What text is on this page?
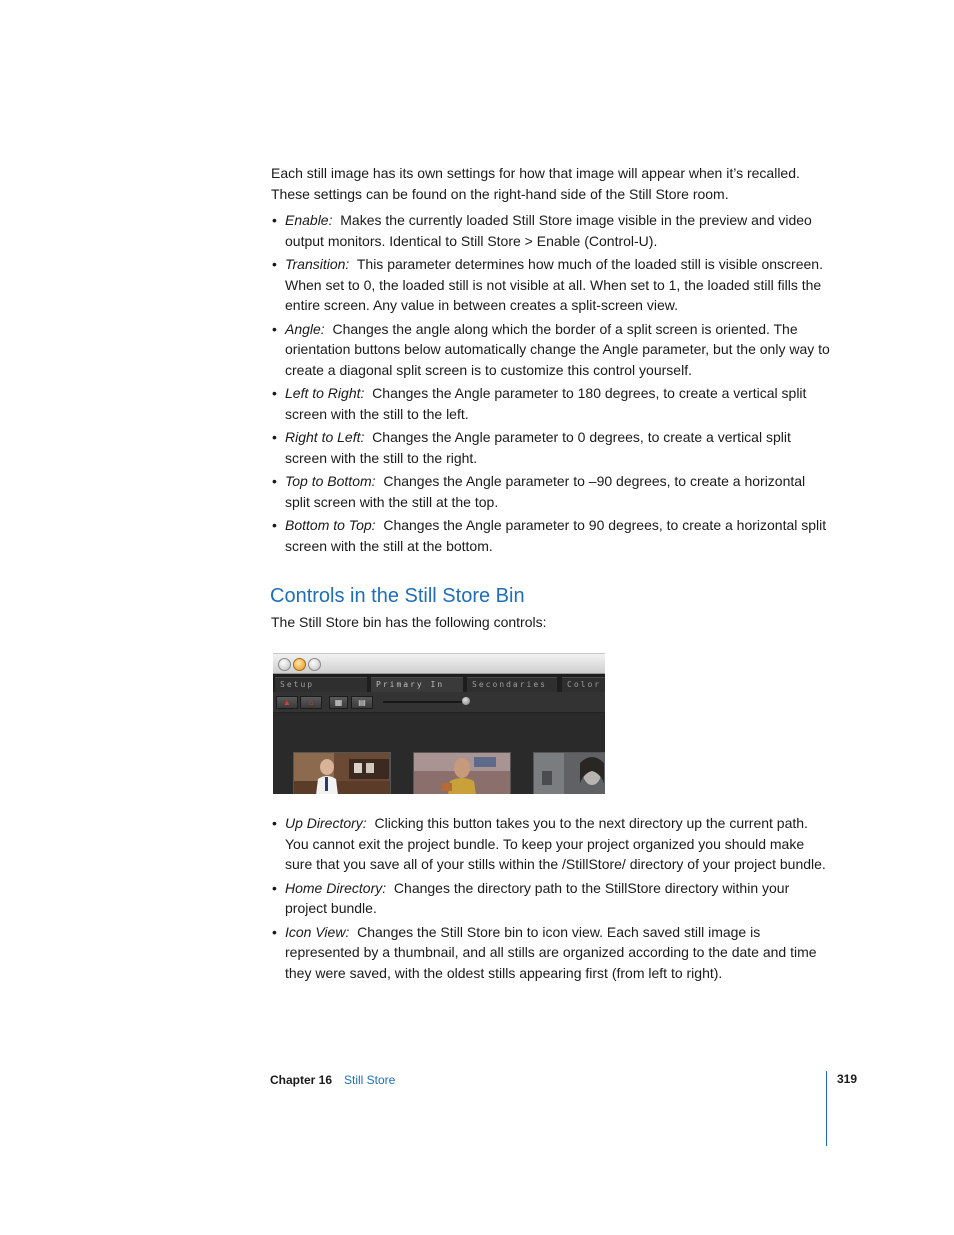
Each still image has its own settings for how that image will appear when it’s recalled. These settings can be found on the right-hand side of the Still Store room.

• Enable: Makes the currently loaded Still Store image visible in the preview and video output monitors. Identical to Still Store > Enable (Control-U).
• Transition: This parameter determines how much of the loaded still is visible onscreen. When set to 0, the loaded still is not visible at all. When set to 1, the loaded still fills the entire screen. Any value in between creates a split-screen view.
• Angle: Changes the angle along which the border of a split screen is oriented. The orientation buttons below automatically change the Angle parameter, but the only way to create a diagonal split screen is to customize this control yourself.
• Left to Right: Changes the Angle parameter to 180 degrees, to create a vertical split screen with the still to the left.
• Right to Left: Changes the Angle parameter to 0 degrees, to create a vertical split screen with the still to the right.
• Top to Bottom: Changes the Angle parameter to –90 degrees, to create a horizontal split screen with the still at the top.
• Bottom to Top: Changes the Angle parameter to 90 degrees, to create a horizontal split screen with the still at the bottom.
Controls in the Still Store Bin

The Still Store bin has the following controls:

Setup	Primary In	Secondaries	Color
▲	⌂	▦	▤
• Up Directory: Clicking this button takes you to the next directory up the current path. You cannot exit the project bundle. To keep your project organized you should make sure that you save all of your stills within the /StillStore/ directory of your project bundle.
• Home Directory: Changes the directory path to the StillStore directory within your project bundle.
• Icon View: Changes the Still Store bin to icon view. Each saved still image is represented by a thumbnail, and all stills are organized according to the date and time they were saved, with the oldest stills appearing first (from left to right).
Chapter 16 Still Store	319
